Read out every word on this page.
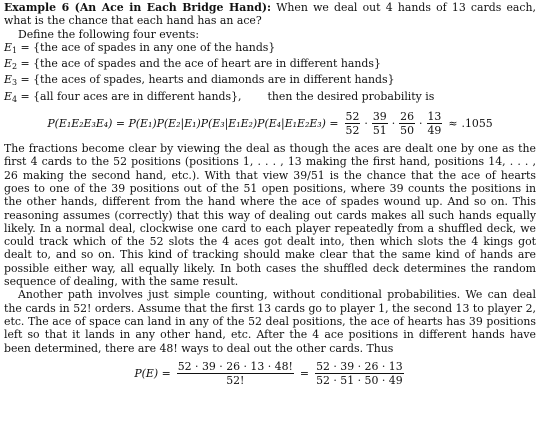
Example 6 (An Ace in Each Bridge Hand): When we deal out 4 hands of 13 cards each, what is the chance that each hand has an ace?

Define the following four events:

$E_1 = \{the$ ace of spades in any one of the hands}
$E_2 = \{the$ ace of spades and the ace of heart are in different hands}
$E_3 = \{the$ aces of spades, hearts and diamonds are in different hands}
$E_4 = \{all$ four aces are in different hands}, then the desired probability is
$P(E_1E_2E_3E_4) = P(E_1)P(E_2|E_1)P(E_3|E_1E_2)P(E_4|E_1E_2E_3) = \frac{52}{52} \cdot \frac{39}{51} \cdot \frac{26}{50} \cdot \frac{13}{49} \approx .1055$

The fractions become clear by viewing the deal as though the aces are dealt one by one as the first 4 cards to the 52 positions (positions 1, . . . , 13 making the first hand, positions 14, . . . , 26 making the second hand, etc.). With that view 39/51 is the chance that the ace of hearts goes to one of the 39 positions out of the 51 open positions, where 39 counts the positions in the other hands, different from the hand where the ace of spades wound up. And so on. This reasoning assumes (correctly) that this way of dealing out cards makes all such hands equally likely. In a normal deal, clockwise one card to each player repeatedly from a shuffled deck, we could track which of the 52 slots the 4 aces got dealt into, then which slots the 4 kings got dealt to, and so on. This kind of tracking should make clear that the same kind of hands are possible either way, all equally likely. In both cases the shuffled deck determines the random sequence of dealing, with the same result.

Another path involves just simple counting, without conditional probabilities. We can deal the cards in 52! orders. Assume that the first 13 cards go to player 1, the second 13 to player 2, etc. The ace of space can land in any of the 52 deal positions, the ace of hearts has 39 positions left so that it lands in any other hand, etc. After the 4 ace positions in different hands have been determined, there are 48! ways to deal out the other cards. Thus

$P(E) = \frac{52 \cdot 39 \cdot 26 \cdot 13 \cdot 48!}{52!} = \frac{52 \cdot 39 \cdot 26 \cdot 13}{52 \cdot 51 \cdot 50 \cdot 49}$
